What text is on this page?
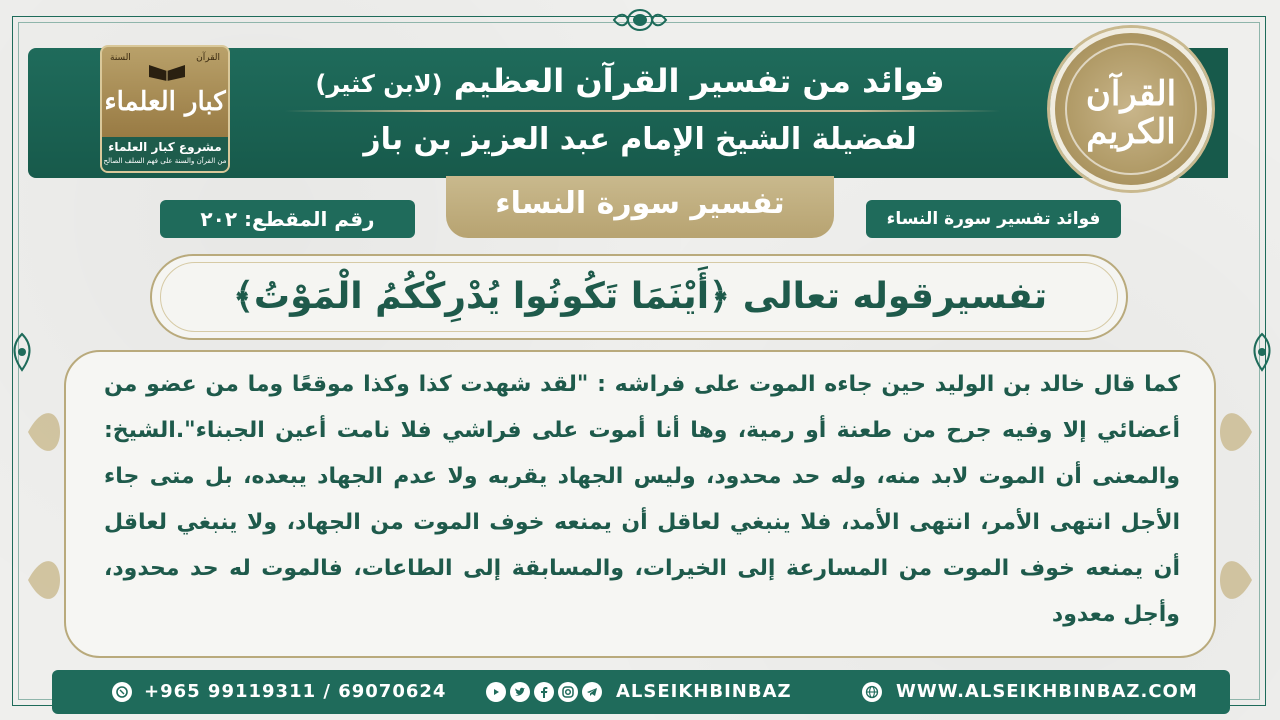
فوائد من تفسير القرآن العظيم (لابن كثير)
لفضيلة الشيخ الإمام عبد العزيز بن باز
القرآن
السنة
كبار العلماء
مشروع كبار العلماء
من القرآن والسنة على فهم السلف الصالح
القرآن الكريم
تفسير سورة النساء
رقم المقطع: ٢٠٢	فوائد تفسير سورة النساء
تفسيرقوله تعالى ﴿أَيْنَمَا تَكُونُوا يُدْرِكْكُمُ الْمَوْتُ﴾
كما قال خالد بن الوليد حين جاءه الموت على فراشه : "لقد شهدت كذا وكذا موقعًا وما من عضو من أعضائي إلا وفيه جرح من طعنة أو رمية، وها أنا أموت على فراشي فلا نامت أعين الجبناء".الشيخ: والمعنى أن الموت لابد منه، وله حد محدود، وليس الجهاد يقربه ولا عدم الجهاد يبعده، بل متى جاء الأجل انتهى الأمر، انتهى الأمد، فلا ينبغي لعاقل أن يمنعه خوف الموت من الجهاد، ولا ينبغي لعاقل أن يمنعه خوف الموت من المسارعة إلى الخيرات، والمسابقة إلى الطاعات، فالموت له حد محدود، وأجل معدود
+965 99119311 / 69070624	ALSEIKHBINBAZ	WWW.ALSEIKHBINBAZ.COM
